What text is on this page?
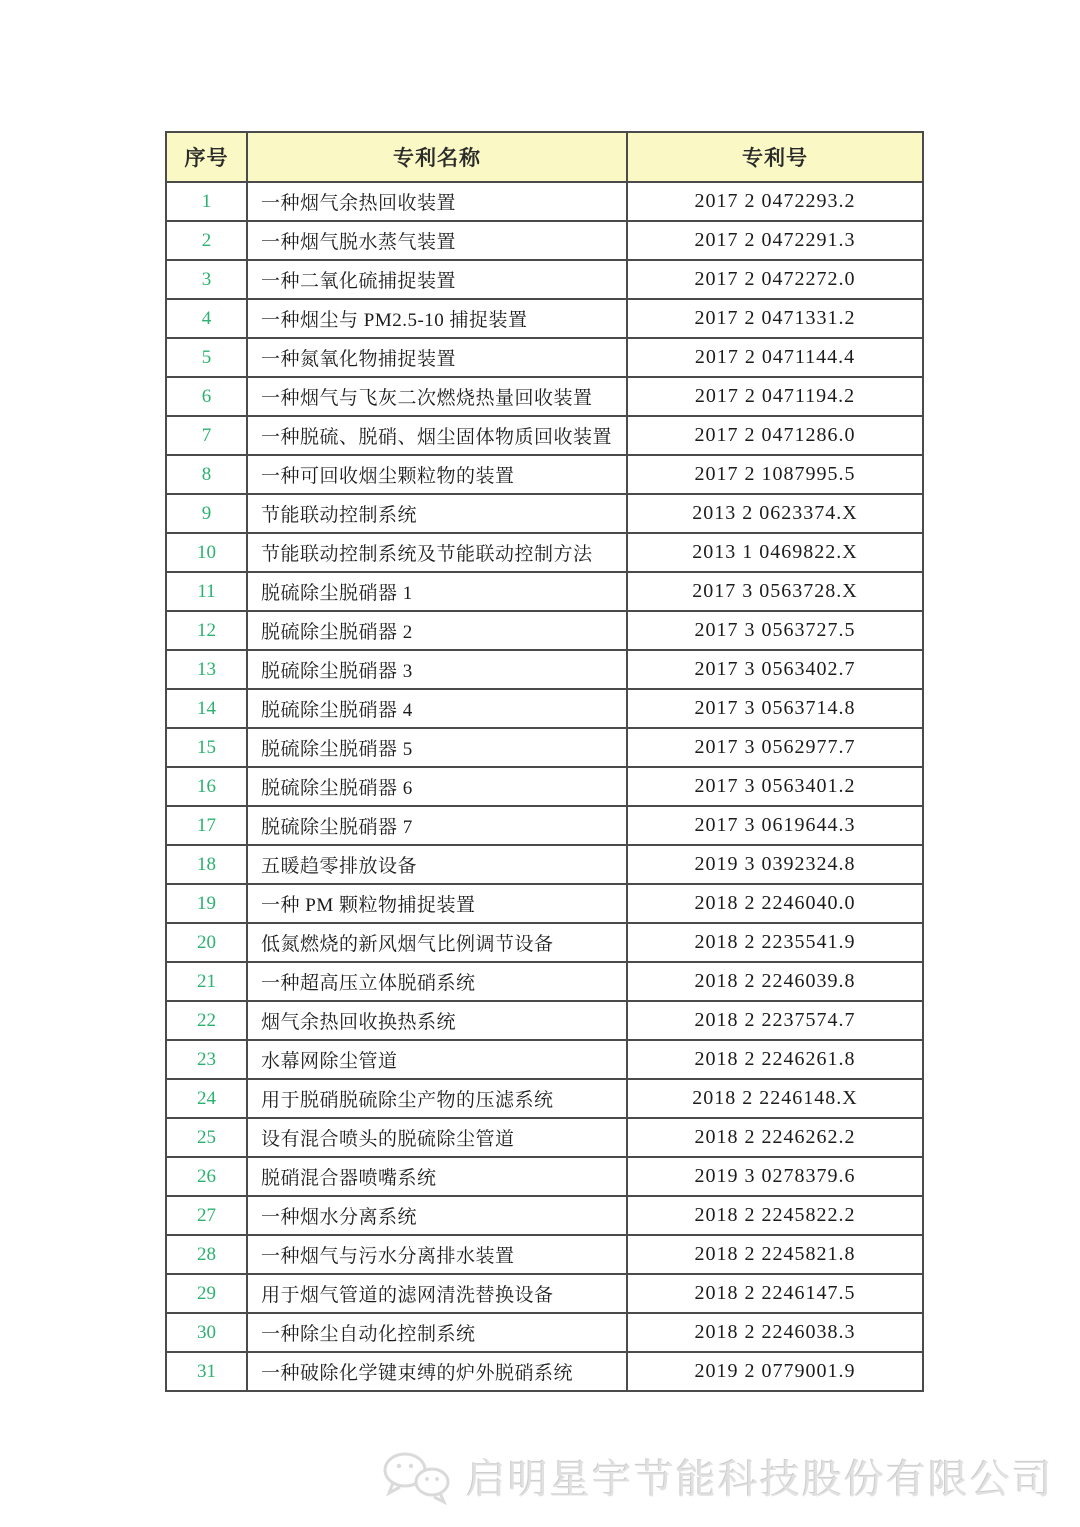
序号	专利名称	专利号
1	一种烟气余热回收装置	2017 2 0472293.2
2	一种烟气脱水蒸气装置	2017 2 0472291.3
3	一种二氧化硫捕捉装置	2017 2 0472272.0
4	一种烟尘与 PM2.5-10 捕捉装置	2017 2 0471331.2
5	一种氮氧化物捕捉装置	2017 2 0471144.4
6	一种烟气与飞灰二次燃烧热量回收装置	2017 2 0471194.2
7	一种脱硫、脱硝、烟尘固体物质回收装置	2017 2 0471286.0
8	一种可回收烟尘颗粒物的装置	2017 2 1087995.5
9	节能联动控制系统	2013 2 0623374.X
10	节能联动控制系统及节能联动控制方法	2013 1 0469822.X
11	脱硫除尘脱硝器 1	2017 3 0563728.X
12	脱硫除尘脱硝器 2	2017 3 0563727.5
13	脱硫除尘脱硝器 3	2017 3 0563402.7
14	脱硫除尘脱硝器 4	2017 3 0563714.8
15	脱硫除尘脱硝器 5	2017 3 0562977.7
16	脱硫除尘脱硝器 6	2017 3 0563401.2
17	脱硫除尘脱硝器 7	2017 3 0619644.3
18	五暖趋零排放设备	2019 3 0392324.8
19	一种 PM 颗粒物捕捉装置	2018 2 2246040.0
20	低氮燃烧的新风烟气比例调节设备	2018 2 2235541.9
21	一种超高压立体脱硝系统	2018 2 2246039.8
22	烟气余热回收换热系统	2018 2 2237574.7
23	水幕网除尘管道	2018 2 2246261.8
24	用于脱硝脱硫除尘产物的压滤系统	2018 2 2246148.X
25	设有混合喷头的脱硫除尘管道	2018 2 2246262.2
26	脱硝混合器喷嘴系统	2019 3 0278379.6
27	一种烟水分离系统	2018 2 2245822.2
28	一种烟气与污水分离排水装置	2018 2 2245821.8
29	用于烟气管道的滤网清洗替换设备	2018 2 2246147.5
30	一种除尘自动化控制系统	2018 2 2246038.3
31	一种破除化学键束缚的炉外脱硝系统	2019 2 0779001.9
启明星宇节能科技股份有限公司
